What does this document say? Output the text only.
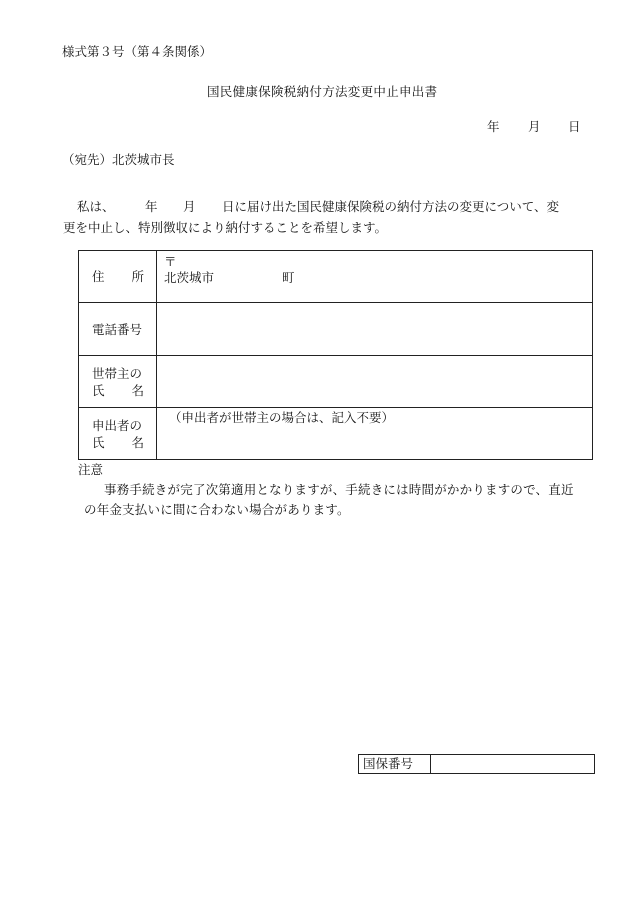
様式第３号（第４条関係）
国民健康保険税納付方法変更中止申出書
年 月 日
（宛先）北茨城市長
私は、 年 月 日に届け出た国民健康保険税の納付方法の変更について、変
更を中止し、特別徴収により納付することを希望します。
住 所	〒
北茨城市 町

電話番号	

世帯主の
氏 名	

申出者の
氏 名	（申出者が世帯主の場合は、記入不要）
注意
事務手続きが完了次第適用となりますが、手続きには時間がかかりますので、直近の年金支払いに間に合わない場合があります。
国保番号
